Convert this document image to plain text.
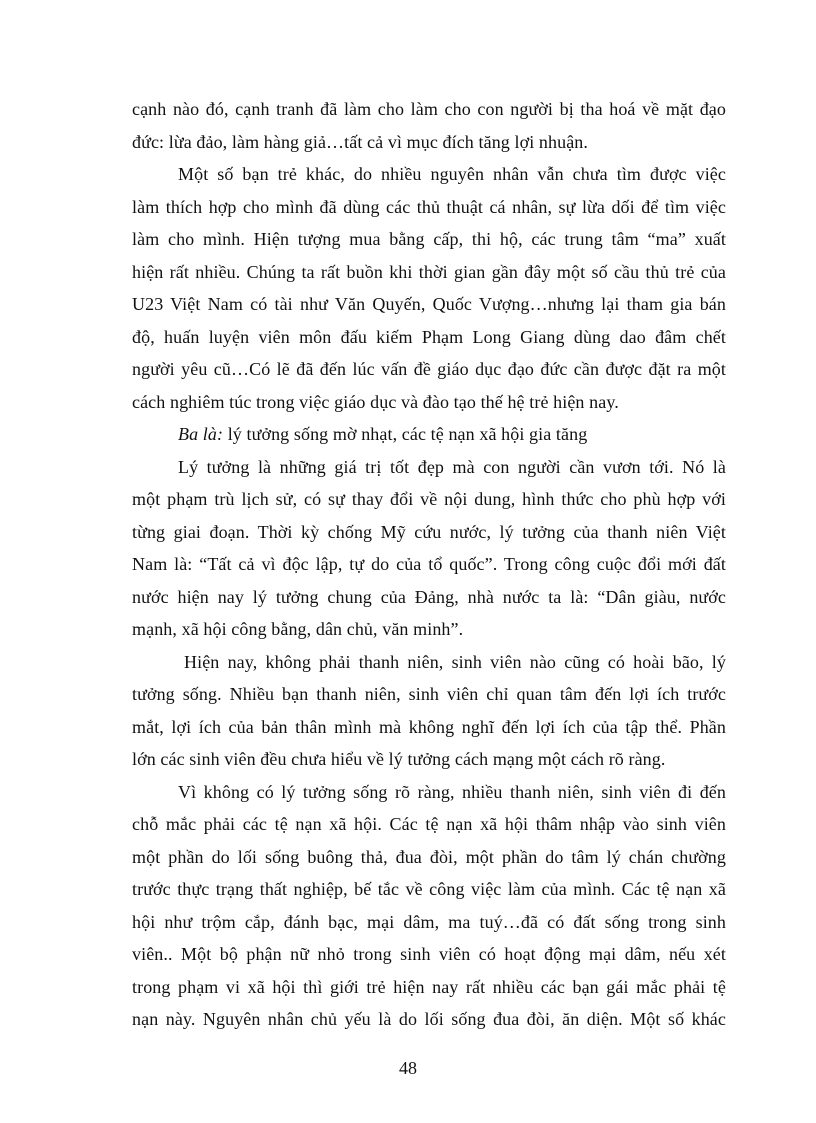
cạnh nào đó, cạnh tranh đã làm cho làm cho con người bị tha hoá về mặt đạo
đức: lừa đảo, làm hàng giả…tất cả vì mục đích tăng lợi nhuận.
Một số bạn trẻ khác, do nhiều nguyên nhân vẫn chưa tìm được việc
làm thích hợp cho mình đã dùng các thủ thuật cá nhân, sự lừa dối để tìm việc
làm cho mình. Hiện tượng mua bằng cấp, thi hộ, các trung tâm “ma” xuất
hiện rất nhiều. Chúng ta rất buồn khi thời gian gần đây một số cầu thủ trẻ của
U23 Việt Nam có tài như Văn Quyến, Quốc Vượng…nhưng lại tham gia bán
độ, huấn luyện viên môn đấu kiếm Phạm Long Giang dùng dao đâm chết
người yêu cũ…Có lẽ đã đến lúc vấn đề giáo dục đạo đức cần được đặt ra một
cách nghiêm túc trong việc giáo dục và đào tạo thế hệ trẻ hiện nay.
Ba là: lý tưởng sống mờ nhạt, các tệ nạn xã hội gia tăng
Lý tưởng là những giá trị tốt đẹp mà con người cần vươn tới. Nó là
một phạm trù lịch sử, có sự thay đổi về nội dung, hình thức cho phù hợp với
từng giai đoạn. Thời kỳ chống Mỹ cứu nước, lý tưởng của thanh niên Việt
Nam là: “Tất cả vì độc lập, tự do của tổ quốc”. Trong công cuộc đổi mới đất
nước hiện nay lý tưởng chung của Đảng, nhà nước ta là: “Dân giàu, nước
mạnh, xã hội công bằng, dân chủ, văn minh”.
Hiện nay, không phải thanh niên, sinh viên nào cũng có hoài bão, lý
tưởng sống. Nhiều bạn thanh niên, sinh viên chỉ quan tâm đến lợi ích trước
mắt, lợi ích của bản thân mình mà không nghĩ đến lợi ích của tập thể. Phần
lớn các sinh viên đều chưa hiểu về lý tưởng cách mạng một cách rõ ràng.
Vì không có lý tưởng sống rõ ràng, nhiều thanh niên, sinh viên đi đến
chỗ mắc phải các tệ nạn xã hội. Các tệ nạn xã hội thâm nhập vào sinh viên
một phần do lối sống buông thả, đua đòi, một phần do tâm lý chán chường
trước thực trạng thất nghiệp, bế tắc về công việc làm của mình. Các tệ nạn xã
hội như trộm cắp, đánh bạc, mại dâm, ma tuý…đã có đất sống trong sinh
viên.. Một bộ phận nữ nhỏ trong sinh viên có hoạt động mại dâm, nếu xét
trong phạm vi xã hội thì giới trẻ hiện nay rất nhiều các bạn gái mắc phải tệ
nạn này. Nguyên nhân chủ yếu là do lối sống đua đòi, ăn diện. Một số khác
48
